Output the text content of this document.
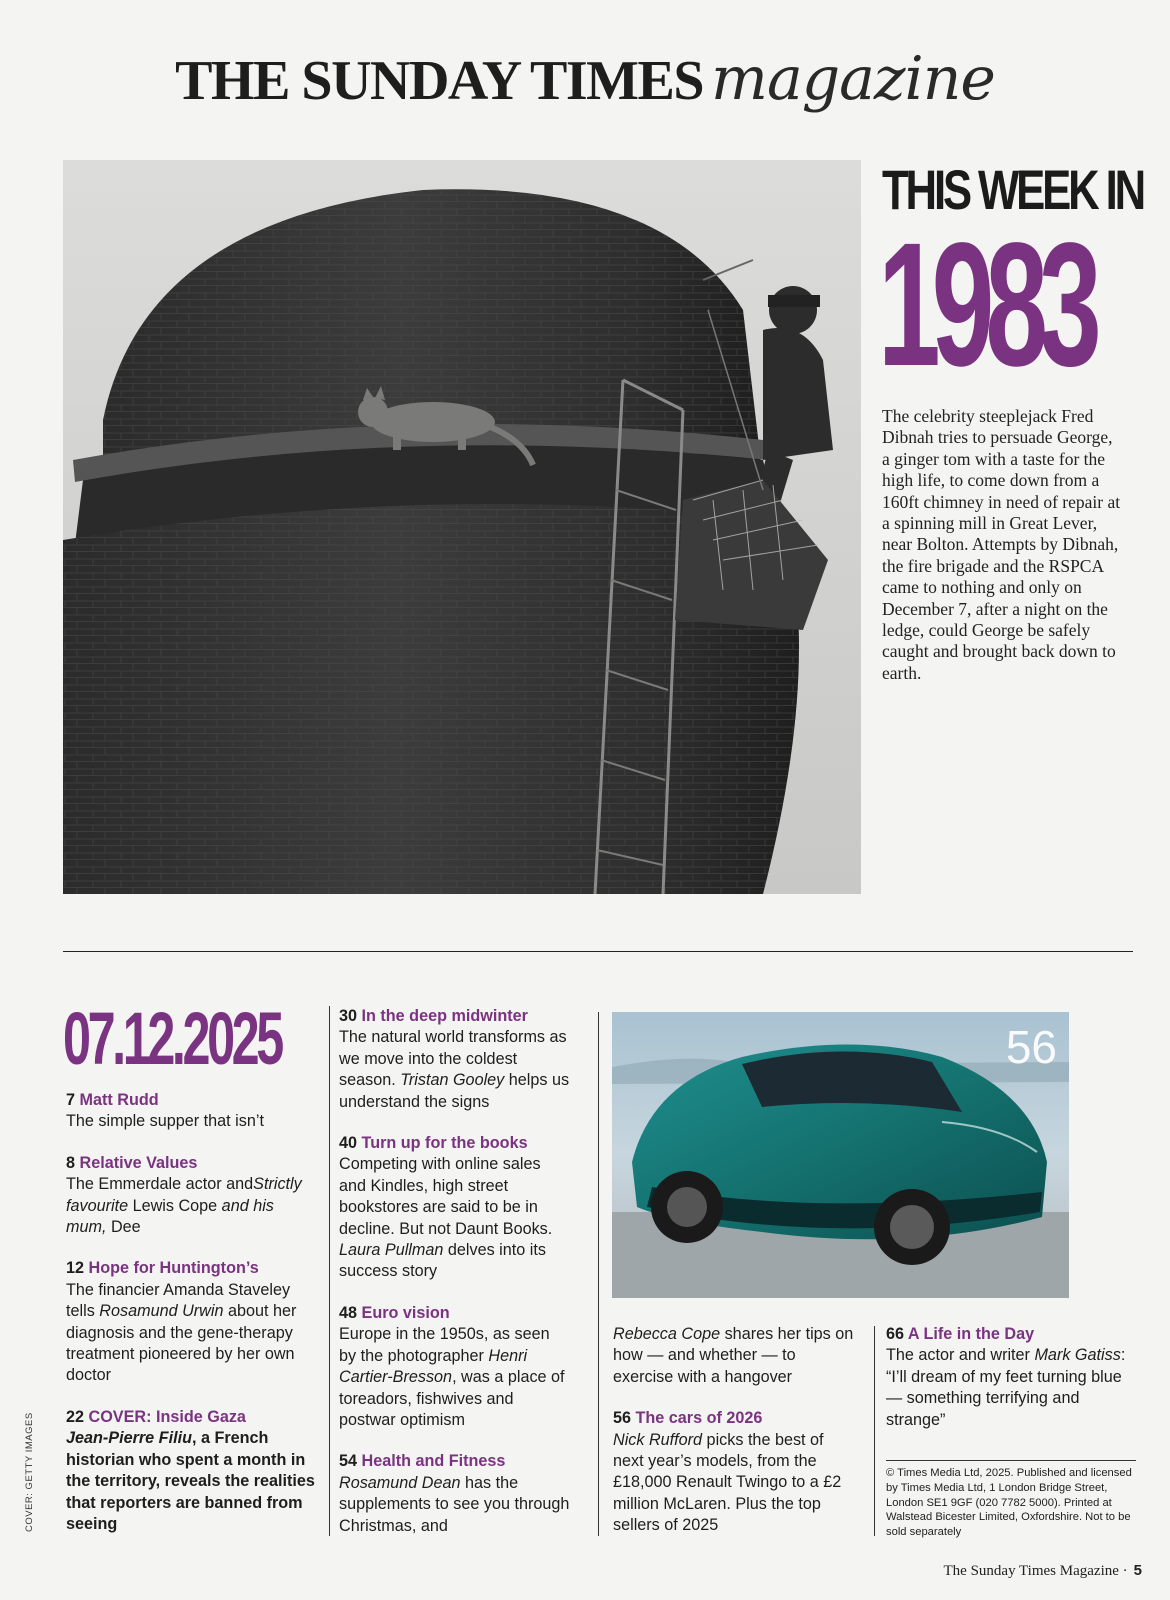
THE SUNDAY TIMES magazine
THIS WEEK IN
1983
The celebrity steeplejack Fred Dibnah tries to persuade George, a ginger tom with a taste for the high life, to come down from a 160ft chimney in need of repair at a spinning mill in Great Lever, near Bolton. Attempts by Dibnah, the fire brigade and the RSPCA came to nothing and only on December 7, after a night on the ledge, could George be safely caught and brought back down to earth.
07.12.2025
7 Matt Rudd
The simple supper that isn’t
8 Relative Values
The Emmerdale actor andStrictly favourite Lewis Cope and his mum, Dee
12 Hope for Huntington’s
The financier Amanda Staveley tells Rosamund Urwin about her diagnosis and the gene-therapy treatment pioneered by her own doctor
22 COVER: Inside Gaza
Jean-Pierre Filiu, a French historian who spent a month in the territory, reveals the realities that reporters are banned from seeing
30 In the deep midwinter
The natural world transforms as we move into the coldest season. Tristan Gooley helps us understand the signs
40 Turn up for the books
Competing with online sales and Kindles, high street bookstores are said to be in decline. But not Daunt Books. Laura Pullman delves into its success story
48 Euro vision
Europe in the 1950s, as seen by the photographer Henri Cartier-Bresson, was a place of toreadors, fishwives and postwar optimism
54 Health and Fitness
Rosamund Dean has the supplements to see you through Christmas, and
56
Rebecca Cope shares her tips on how — and whether — to exercise with a hangover
56 The cars of 2026
Nick Rufford picks the best of next year’s models, from the £18,000 Renault Twingo to a £2 million McLaren. Plus the top sellers of 2025
66 A Life in the Day
The actor and writer Mark Gatiss: “I’ll dream of my feet turning blue — something terrifying and strange”
© Times Media Ltd, 2025. Published and licensed by Times Media Ltd, 1 London Bridge Street, London SE1 9GF (020 7782 5000). Printed at Walstead Bicester Limited, Oxfordshire. Not to be sold separately
COVER: GETTY IMAGES
The Sunday Times Magazine · 5
